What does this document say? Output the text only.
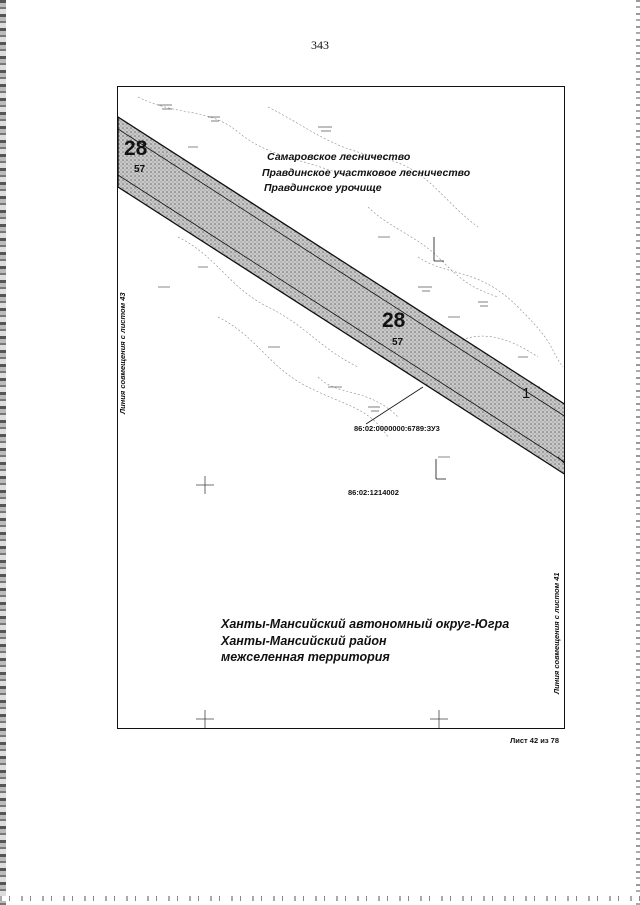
343
28
57
28
57
1
Самаровское лесничество
Правдинское участковое лесничество
Правдинское урочище
86:02:0000000:6789:ЗУ3
86:02:1214002
Ханты-Мансийский автономный округ-Югра
Ханты-Мансийский район
межселенная территория
Линия совмещения с листом 43
Линия совмещения с листом 41
Лист 42 из 78
